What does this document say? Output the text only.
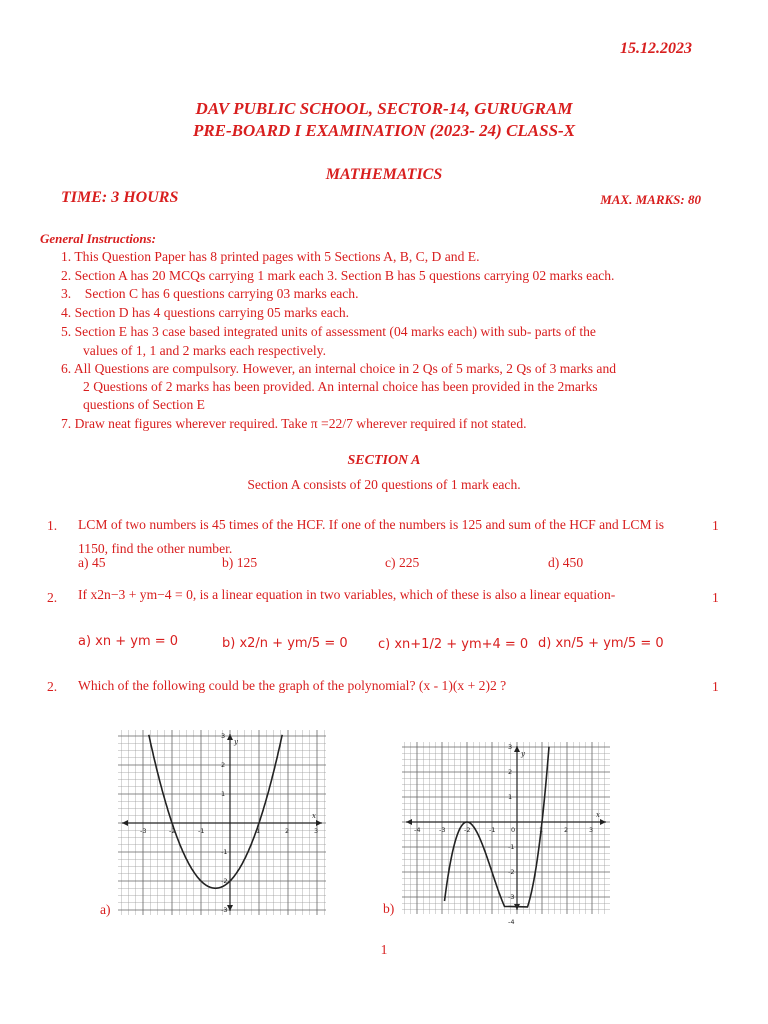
15.12.2023
DAV PUBLIC SCHOOL, SECTOR-14, GURUGRAM
PRE-BOARD I EXAMINATION (2023- 24) CLASS-X
MATHEMATICS
TIME: 3 HOURS	MAX. MARKS: 80
General Instructions:
1. This Question Paper has 8 printed pages with 5 Sections A, B, C, D and E.
2. Section A has 20 MCQs carrying 1 mark each 3. Section B has 5 questions carrying 02 marks each.
3.    Section C has 6 questions carrying 03 marks each.
4. Section D has 4 questions carrying 05 marks each.
5. Section E has 3 case based integrated units of assessment (04 marks each) with sub- parts of the
values of 1, 1 and 2 marks each respectively.
6. All Questions are compulsory. However, an internal choice in 2 Qs of 5 marks, 2 Qs of 3 marks and
2 Questions of 2 marks has been provided. An internal choice has been provided in the 2marks
questions of Section E
7. Draw neat figures wherever required. Take π =22/7 wherever required if not stated.
SECTION A
Section A consists of 20 questions of 1 mark each.
1. LCM of two numbers is 45 times of the HCF. If one of the numbers is 125 and sum of the HCF and LCM is 1150, find the other number.
1
a) 45	b) 125	c) 225	d) 450
2. If x2n−3 + ym−4 = 0, is a linear equation in two variables, which of these is also a linear equation-	1
a) xn + ym = 0	b) x2/n + ym/5 = 0 c) xn+1/2 + ym+4 = 0 d) xn/5 + ym/5 = 0
2. Which of the following could be the graph of the polynomial? (x - 1)(x + 2)2 ?	1
-3	-2	-1	1	2	3
3
2
1
-1
-2
-3
x
y
a)
-4	-3	-2	-1 0	1	2	3
3
2
1
-1
-2
-3
-4
x
y
b)
1
